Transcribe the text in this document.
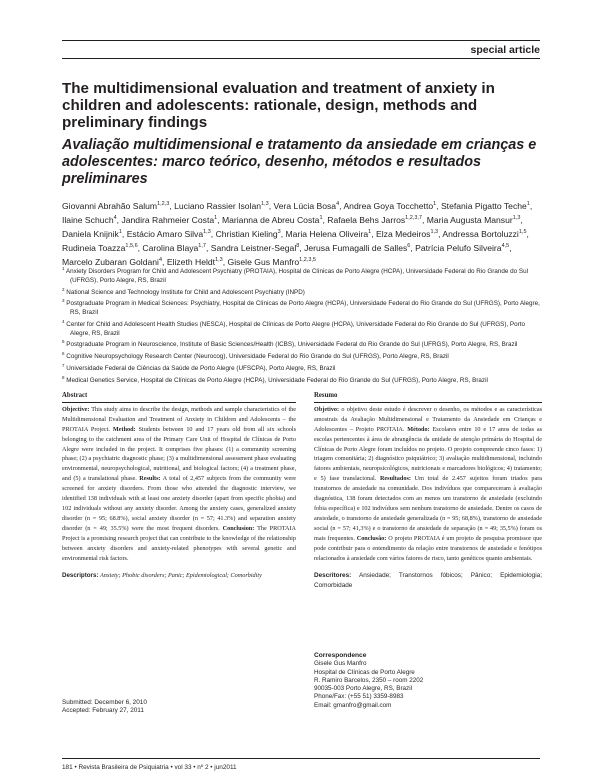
special article
The multidimensional evaluation and treatment of anxiety in children and adolescents: rationale, design, methods and preliminary findings
Avaliação multidimensional e tratamento da ansiedade em crianças e adolescentes: marco teórico, desenho, métodos e resultados preliminares
Giovanni Abrahão Salum$^{1,2,3}$, Luciano Rassier Isolan$^{1,3}$, Vera Lúcia Bosa$^4$, Andrea Goya Tocchetto$^1$, Stefania Pigatto Teche$^1$, Ilaine Schuch$^4$, Jandira Rahmeier Costa$^1$, Marianna de Abreu Costa$^1$, Rafaela Behs Jarros$^{1,2,3,7}$, Maria Augusta Mansur$^{1,3}$, Daniela Knijnik$^1$, Estácio Amaro Silva$^{1,3}$, Christian Kieling$^3$, Maria Helena Oliveira$^1$, Elza Medeiros$^{1,3}$, Andressa Bortoluzzi$^{1,5}$, Rudineia Toazza$^{1,5,6}$, Carolina Blaya$^{1,7}$, Sandra Leistner-Segal$^8$, Jerusa Fumagalli de Salles$^6$, Patrícia Pelufo Silveira$^{4,5}$, Marcelo Zubaran Goldani$^4$, Elizeth Heldt$^{1,3}$, Gisele Gus Manfro$^{1,2,3,5}$
$^1$ Anxiety Disorders Program for Child and Adolescent Psychiatry (PROTAIA), Hospital de Clínicas de Porto Alegre (HCPA), Universidade Federal do Rio Grande do Sul (UFRGS), Porto Alegre, RS, Brazil
$^2$ National Science and Technology Institute for Child and Adolescent Psychiatry (INPD)
$^3$ Postgraduate Program in Medical Sciences: Psychiatry, Hospital de Clínicas de Porto Alegre (HCPA), Universidade Federal do Rio Grande do Sul (UFRGS), Porto Alegre, RS, Brazil
$^4$ Center for Child and Adolescent Health Studies (NESCA), Hospital de Clínicas de Porto Alegre (HCPA), Universidade Federal do Rio Grande do Sul (UFRGS), Porto Alegre, RS, Brazil
$^5$ Postgraduate Program in Neuroscience, Institute of Basic Sciences/Health (ICBS), Universidade Federal do Rio Grande do Sul (UFRGS), Porto Alegre, RS, Brazil
$^6$ Cognitive Neuropsychology Research Center (Neurocog), Universidade Federal do Rio Grande do Sul (UFRGS), Porto Alegre, RS, Brazil
$^7$ Universidade Federal de Ciências da Saúde de Porto Alegre (UFSCPA), Porto Alegre, RS, Brazil
$^8$ Medical Genetics Service, Hospital de Clínicas de Porto Alegre (HCPA), Universidade Federal do Rio Grande do Sul (UFRGS), Porto Alegre, RS, Brazil
Abstract

Objective: This study aims to describe the design, methods and sample characteristics of the Multidimensional Evaluation and Treatment of Anxiety in Children and Adolescents – the PROTAIA Project. Method: Students between 10 and 17 years old from all six schools belonging to the catchment area of the Primary Care Unit of Hospital de Clínicas de Porto Alegre were included in the project. It comprises five phases: (1) a community screening phase; (2) a psychiatric diagnostic phase; (3) a multidimensional assessment phase evaluating environmental, neuropsychological, nutritional, and biological factors; (4) a treatment phase, and (5) a translational phase. Results: A total of 2,457 subjects from the community were screened for anxiety disorders. From those who attended the diagnostic interview, we identified 138 individuals with at least one anxiety disorder (apart from specific phobia) and 102 individuals without any anxiety disorder. Among the anxiety cases, generalized anxiety disorder (n = 95; 68.8%), social anxiety disorder (n = 57; 41.3%) and separation anxiety disorder (n = 49; 35.5%) were the most frequent disorders. Conclusion: The PROTAIA Project is a promising research project that can contribute to the knowledge of the relationship between anxiety disorders and anxiety-related phenotypes with several genetic and environmental risk factors.

Descriptors: Anxiety; Phobic disorders; Panic; Epidemiological; Comorbidity

Resumo

Objetivo: o objetivo deste estudo é descrever o desenho, os métodos e as características amostrais da Avaliação Multidimensional e Tratamento da Ansiedade em Crianças e Adolescentes – Projeto PROTAIA. Método: Escolares entre 10 e 17 anos de todas as escolas pertencentes à área de abrangência da unidade de atenção primária do Hospital de Clínicas de Porto Alegre foram incluídos no projeto. O projeto compreende cinco fases: 1) triagem comunitária; 2) diagnóstico psiquiátrico; 3) avaliação multidimensional, incluindo fatores ambientais, neuropsicológicos, nutricionais e marcadores biológicos; 4) tratamento; e 5) fase translacional. Resultados: Um total de 2.457 sujeitos foram triados para transtornos de ansiedade na comunidade. Dos indivíduos que compareceram à avaliação diagnóstica, 138 foram detectados com ao menos um transtorno de ansiedade (excluindo fobia específica) e 102 indivíduos sem nenhum transtorno de ansiedade. Dentre os casos de ansiedade, o transtorno de ansiedade generalizada (n = 95; 68,8%), transtorno de ansiedade social (n = 57; 41,3%) e o transtorno de ansiedade de separação (n = 49; 35,5%) foram os mais frequentes. Conclusão: O projeto PROTAIA é um projeto de pesquisa promissor que pode contribuir para o entendimento da relação entre transtornos de ansiedade e fenótipos relacionados à ansiedade com vários fatores de risco, tanto genéticos quanto ambientais.

Descritores: Ansiedade; Transtornos fóbicos; Pânico; Epidemiologia; Comorbidade

Correspondence
Gisele Gus Manfro
Hospital de Clínicas de Porto Alegre
R. Ramiro Barcelos, 2350 – room 2202
90035-003 Porto Alegre, RS, Brazil
Phone/Fax: (+55 51) 3359-8983
Email: gmanfro@gmail.com
Submitted: December 6, 2010
Accepted: February 27, 2011
181 • Revista Brasileira de Psiquiatria • vol 33 • nº 2 • jun2011
